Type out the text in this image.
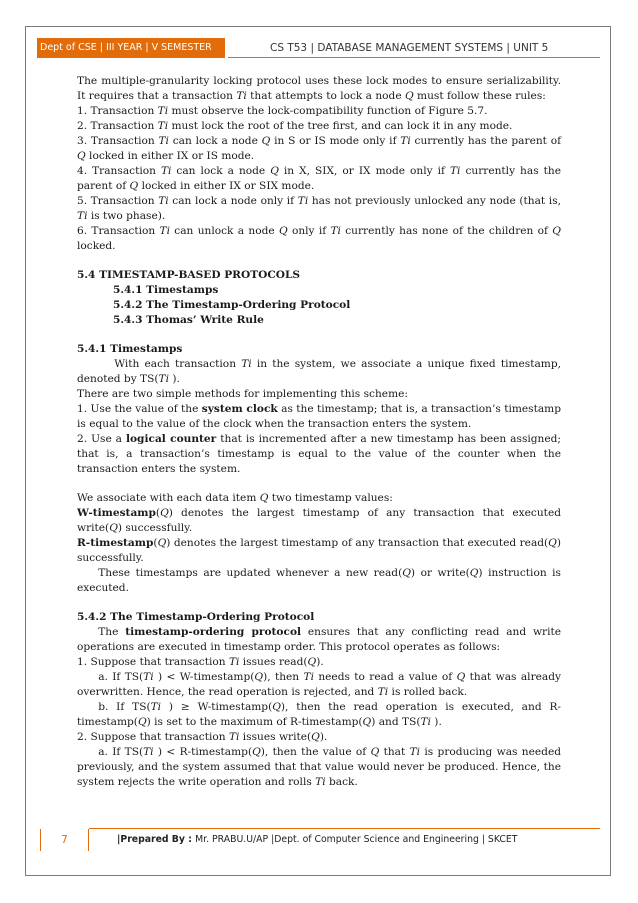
Dept of CSE | III YEAR | V SEMESTER	CS T53 | DATABASE MANAGEMENT SYSTEMS | UNIT 5

The multiple-granularity locking protocol uses these lock modes to ensure serializability. It requires that a transaction Ti that attempts to lock a node Q must follow these rules:

1. Transaction Ti must observe the lock-compatibility function of Figure 5.7.

2. Transaction Ti must lock the root of the tree first, and can lock it in any mode.

3. Transaction Ti can lock a node Q in S or IS mode only if Ti currently has the parent of Q locked in either IX or IS mode.

4. Transaction Ti can lock a node Q in X, SIX, or IX mode only if Ti currently has the parent of Q locked in either IX or SIX mode.

5. Transaction Ti can lock a node only if Ti has not previously unlocked any node (that is, Ti is two phase).

6. Transaction Ti can unlock a node Q only if Ti currently has none of the children of Q locked.

5.4 TIMESTAMP-BASED PROTOCOLS

5.4.1 Timestamps

5.4.2 The Timestamp-Ordering Protocol

5.4.3 Thomas’ Write Rule

5.4.1 Timestamps

  With each transaction Ti in the system, we associate a unique fixed timestamp, denoted by TS(Ti ).

There are two simple methods for implementing this scheme:

1. Use the value of the system clock as the timestamp; that is, a transaction’s timestamp is equal to the value of the clock when the transaction enters the system.

2. Use a logical counter that is incremented after a new timestamp has been assigned; that is, a transaction’s timestamp is equal to the value of the counter when the transaction enters the system.

We associate with each data item Q two timestamp values:

W-timestamp(Q) denotes the largest timestamp of any transaction that executed write(Q) successfully.

R-timestamp(Q) denotes the largest timestamp of any transaction that executed read(Q) successfully.

  These timestamps are updated whenever a new read(Q) or write(Q) instruction is executed.

5.4.2 The Timestamp-Ordering Protocol

  The timestamp-ordering protocol ensures that any conflicting read and write operations are executed in timestamp order. This protocol operates as follows:

1. Suppose that transaction Ti issues read(Q).

  a. If TS(Ti ) < W-timestamp(Q), then Ti needs to read a value of Q that was already overwritten. Hence, the read operation is rejected, and Ti is rolled back.

  b. If TS(Ti ) ≥ W-timestamp(Q), then the read operation is executed, and R-timestamp(Q) is set to the maximum of R-timestamp(Q) and TS(Ti ).

2. Suppose that transaction Ti issues write(Q).

  a. If TS(Ti ) < R-timestamp(Q), then the value of Q that Ti is producing was needed previously, and the system assumed that that value would never be produced. Hence, the system rejects the write operation and rolls Ti back.

7	|Prepared By : Mr. PRABU.U/AP |Dept. of Computer Science and Engineering | SKCET
